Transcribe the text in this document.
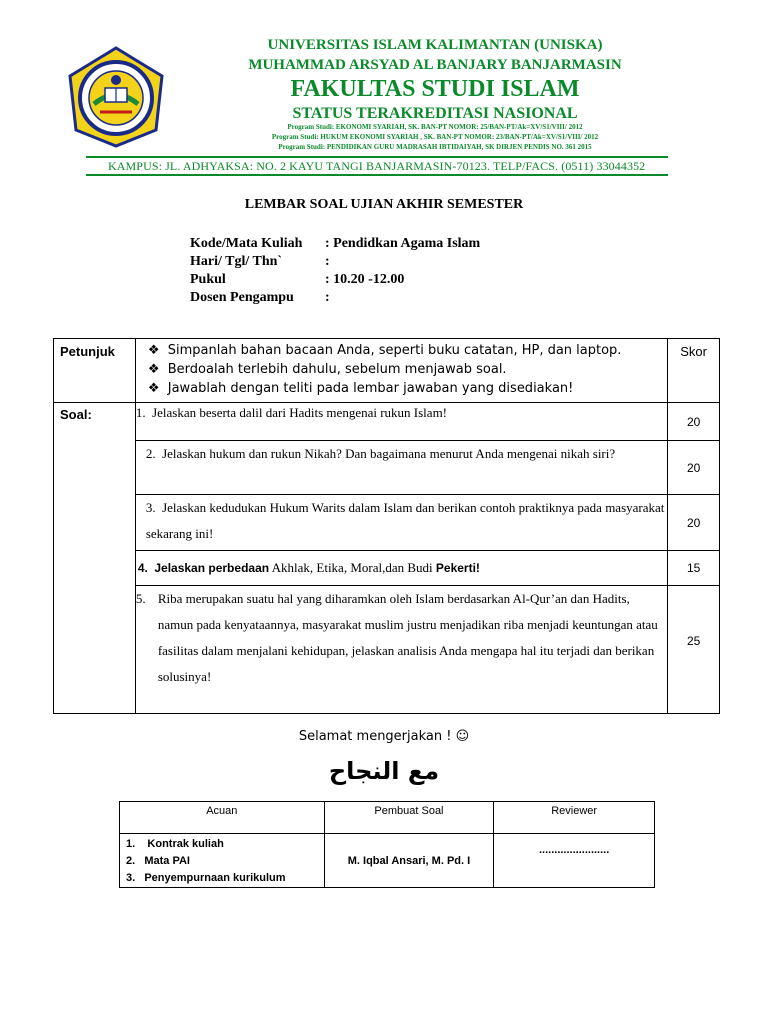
UNIVERSITAS ISLAM KALIMANTAN (UNISKA)
MUHAMMAD ARSYAD AL BANJARY BANJARMASIN
FAKULTAS STUDI ISLAM
STATUS TERAKREDITASI NASIONAL
Program Studi: EKONOMI SYARIAH, SK. BAN-PT NOMOR: 25/BAN-PT/Ak=XV/S1/VIII/ 2012
Program Studi: HUKUM EKONOMI SYARIAH , SK. BAN-PT NOMOR: 23/BAN-PT/Ak=XV/S1/VIII/ 2012
Program Studi: PENDIDIKAN GURU MADRASAH IBTIDAIYAH, SK DIRJEN PENDIS NO. 361 2015
KAMPUS: JL. ADHYAKSA: NO. 2 KAYU TANGI BANJARMASIN-70123. TELP/FACS. (0511) 33044352
LEMBAR SOAL UJIAN AKHIR SEMESTER
Kode/Mata Kuliah	: Pendidkan Agama Islam
Hari/ Tgl/ Thn`	:
Pukul	: 10.20 -12.00
Dosen Pengampu	:
Petunjuk	❖ Simpanlah bahan bacaan Anda, seperti buku catatan, HP, dan laptop.
❖ Berdoalah terlebih dahulu, sebelum menjawab soal.
❖ Jawablah dengan teliti pada lembar jawaban yang disediakan!	Skor
Soal:	1. Jelaskan beserta dalil dari Hadits mengenai rukun Islam!	20
	2. Jelaskan hukum dan rukun Nikah? Dan bagaimana menurut Anda mengenai nikah siri?	20
	3. Jelaskan kedudukan Hukum Warits dalam Islam dan berikan contoh praktiknya pada masyarakat sekarang ini!	20
	4. Jelaskan perbedaan Akhlak, Etika, Moral,dan Budi Pekerti!	15

	5. Riba merupakan suatu hal yang diharamkan oleh Islam berdasarkan Al-Qur’an dan Hadits, namun pada kenyataannya, masyarakat muslim justru menjadikan riba menjadi keuntungan atau fasilitas dalam menjalani kehidupan, jelaskan analisis Anda mengapa hal itu terjadi dan berikan solusinya!	25
Selamat mengerjakan ! ☺
مع النجاح
Acuan	Pembuat Soal	Reviewer

1.    Kontrak kuliah
2.   Mata PAI
3.   Penyempurnaan kurikulum	M. Iqbal Ansari, M. Pd. I	.......................
